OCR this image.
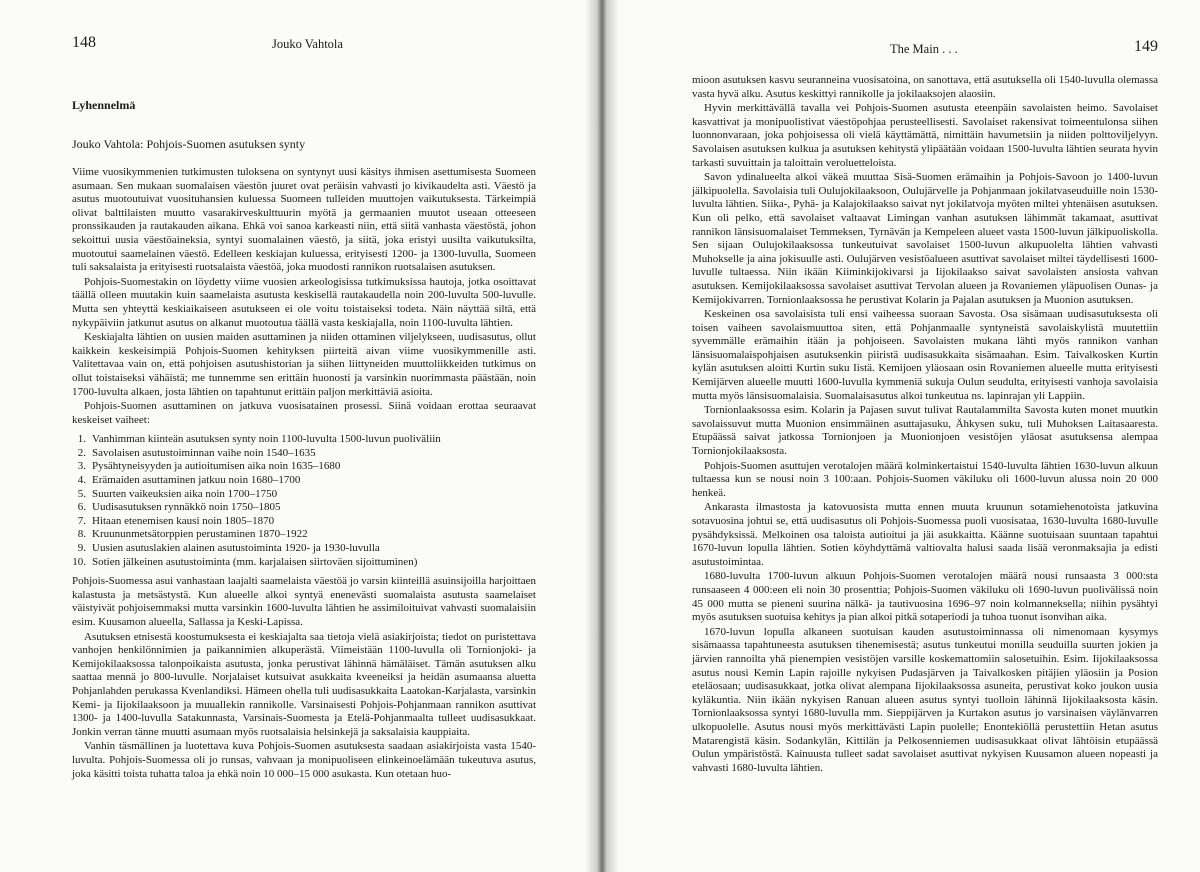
148	Jouko Vahtola
Lyhennelmä
Jouko Vahtola: Pohjois-Suomen asutuksen synty

Viime vuosikymmenien tutkimusten tuloksena on syntynyt uusi käsitys ihmisen asettumisesta Suomeen asumaan. Sen mukaan suomalaisen väestön juuret ovat peräisin vahvasti jo kivikaudelta asti. Väestö ja asutus muotoutuivat vuosituhansien kuluessa Suomeen tulleiden muuttojen vaikutuksesta. Tärkeimpiä olivat balttilaisten muutto vasarakirveskulttuurin myötä ja germaanien muutot useaan otteeseen pronssikauden ja rautakauden aikana. Ehkä voi sanoa karkeasti niin, että siitä vanhasta väestöstä, johon sekoittui uusia väestöaineksia, syntyi suomalainen väestö, ja siitä, joka eristyi uusilta vaikutuksilta, muotoutui saamelainen väestö. Edelleen keskiajan kuluessa, erityisesti 1200- ja 1300-luvulla, Suomeen tuli saksalaista ja erityisesti ruotsalaista väestöä, joka muodosti rannikon ruotsalaisen asutuksen.

Pohjois-Suomestakin on löydetty viime vuosien arkeologisissa tutkimuksissa hautoja, jotka osoittavat täällä olleen muutakin kuin saamelaista asutusta keskisellä rautakaudella noin 200-luvulta 500-luvulle. Mutta sen yhteyttä keskiaikaiseen asutukseen ei ole voitu toistaiseksi todeta. Näin näyttää siltä, että nykypäiviin jatkunut asutus on alkanut muotoutua täällä vasta keskiajalla, noin 1100-luvulta lähtien.

Keskiajalta lähtien on uusien maiden asuttaminen ja niiden ottaminen viljelykseen, uudisasutus, ollut kaikkein keskeisimpiä Pohjois-Suomen kehityksen piirteitä aivan viime vuosikymmenille asti. Valitettavaa vain on, että pohjoisen asutushistorian ja siihen liittyneiden muuttoliikkeiden tutkimus on ollut toistaiseksi vähäistä; me tunnemme sen erittäin huonosti ja varsinkin nuorimmasta päästään, noin 1700-luvulta alkaen, josta lähtien on tapahtunut erittäin paljon merkittäviä asioita.

Pohjois-Suomen asuttaminen on jatkuva vuosisatainen prosessi. Siinä voidaan erottaa seuraavat keskeiset vaiheet:

1. Vanhimman kiinteän asutuksen synty noin 1100-luvulta 1500-luvun puoliväliin
2. Savolaisen asutustoiminnan vaihe noin 1540–1635
3. Pysähtyneisyyden ja autioitumisen aika noin 1635–1680
4. Erämaiden asuttaminen jatkuu noin 1680–1700
5. Suurten vaikeuksien aika noin 1700–1750
6. Uudisasutuksen rynnäkkö noin 1750–1805
7. Hitaan etenemisen kausi noin 1805–1870
8. Kruununmetsätorppien perustaminen 1870–1922
9. Uusien asutuslakien alainen asutustoiminta 1920- ja 1930-luvulla
10. Sotien jälkeinen asutustoiminta (mm. karjalaisen siirtoväen sijoittuminen)

Pohjois-Suomessa asui vanhastaan laajalti saamelaista väestöä jo varsin kiinteillä asuinsijoilla harjoittaen kalastusta ja metsästystä. Kun alueelle alkoi syntyä enenevästi suomalaista asutusta saamelaiset väistyivät pohjoisemmaksi mutta varsinkin 1600-luvulta lähtien he assimiloituivat vahvasti suomalaisiin esim. Kuusamon alueella, Sallassa ja Keski-Lapissa.

Asutuksen etnisestä koostumuksesta ei keskiajalta saa tietoja vielä asiakirjoista; tiedot on puristettava vanhojen henkilönnimien ja paikannimien alkuperästä. Viimeistään 1100-luvulla oli Tornionjoki- ja Kemijokilaaksossa talonpoikaista asutusta, jonka perustivat lähinnä hämäläiset. Tämän asutuksen alku saattaa mennä jo 800-luvulle. Norjalaiset kutsuivat asukkaita kveeneiksi ja heidän asumaansa aluetta Pohjanlahden perukassa Kvenlandiksi. Hämeen ohella tuli uudisasukkaita Laatokan-Karjalasta, varsinkin Kemi- ja Iijokilaaksoon ja muuallekin rannikolle. Varsinaisesti Pohjois-Pohjanmaan rannikon asuttivat 1300- ja 1400-luvulla Satakunnasta, Varsinais-Suomesta ja Etelä-Pohjanmaalta tulleet uudisasukkaat. Jonkin verran tänne muutti asumaan myös ruotsalaisia helsinkejä ja saksalaisia kauppiaita.

Vanhin täsmällinen ja luotettava kuva Pohjois-Suomen asutuksesta saadaan asiakirjoista vasta 1540-luvulta. Pohjois-Suomessa oli jo runsas, vahvaan ja monipuoliseen elinkeinoelämään tukeutuva asutus, joka käsitti toista tuhatta taloa ja ehkä noin 10 000–15 000 asukasta. Kun otetaan huo-

The Main . . .	149

mioon asutuksen kasvu seuranneina vuosisatoina, on sanottava, että asutuksella oli 1540-luvulla olemassa vasta hyvä alku. Asutus keskittyi rannikolle ja jokilaaksojen alaosiin.

Hyvin merkittävällä tavalla vei Pohjois-Suomen asutusta eteenpäin savolaisten heimo. Savolaiset kasvattivat ja monipuolistivat väestöpohjaa perusteellisesti. Savolaiset rakensivat toimeentulonsa siihen luonnonvaraan, joka pohjoisessa oli vielä käyttämättä, nimittäin havumetsiin ja niiden polttoviljelyyn. Savolaisen asutuksen kulkua ja asutuksen kehitystä ylipäätään voidaan 1500-luvulta lähtien seurata hyvin tarkasti suvuittain ja taloittain veroluetteloista.

Savon ydinalueelta alkoi väkeä muuttaa Sisä-Suomen erämaihin ja Pohjois-Savoon jo 1400-luvun jälkipuolella. Savolaisia tuli Oulujokilaaksoon, Oulujärvelle ja Pohjanmaan jokilatvaseuduille noin 1530-luvulta lähtien. Siika-, Pyhä- ja Kalajokilaakso saivat nyt jokilatvoja myöten miltei yhtenäisen asutuksen. Kun oli pelko, että savolaiset valtaavat Limingan vanhan asutuksen lähimmät takamaat, asuttivat rannikon länsisuomalaiset Temmeksen, Tyrnävän ja Kempeleen alueet vasta 1500-luvun jälkipuoliskolla. Sen sijaan Oulujokilaaksossa tunkeutuivat savolaiset 1500-luvun alkupuolelta lähtien vahvasti Muhokselle ja aina jokisuulle asti. Oulujärven vesistöalueen asuttivat savolaiset miltei täydellisesti 1600-luvulle tultaessa. Niin ikään Kiiminkijokivarsi ja Iijokilaakso saivat savolaisten ansiosta vahvan asutuksen. Kemijokilaaksossa savolaiset asuttivat Tervolan alueen ja Rovaniemen yläpuolisen Ounas- ja Kemijokivarren. Tornionlaaksossa he perustivat Kolarin ja Pajalan asutuksen ja Muonion asutuksen.

Keskeinen osa savolaisista tuli ensi vaiheessa suoraan Savosta. Osa sisämaan uudisasutuksesta oli toisen vaiheen savolaismuuttoa siten, että Pohjanmaalle syntyneistä savolaiskylistä muutettiin syvemmälle erämaihin itään ja pohjoiseen. Savolaisten mukana lähti myös rannikon vanhan länsisuomalaispohjaisen asutuksenkin piiristä uudisasukkaita sisämaahan. Esim. Taivalkosken Kurtin kylän asutuksen aloitti Kurtin suku Iistä. Kemijoen yläosaan osin Rovaniemen alueelle mutta erityisesti Kemijärven alueelle muutti 1600-luvulla kymmeniä sukuja Oulun seudulta, erityisesti vanhoja savolaisia mutta myös länsisuomalaisia. Suomalaisasutus alkoi tunkeutua ns. lapinrajan yli Lappiin.

Tornionlaaksossa esim. Kolarin ja Pajasen suvut tulivat Rautalammilta Savosta kuten monet muutkin savolaissuvut mutta Muonion ensimmäinen asuttajasuku, Ähkysen suku, tuli Muhoksen Laitasaaresta. Etupäässä saivat jatkossa Tornionjoen ja Muonionjoen vesistöjen yläosat asutuksensa alempaa Tornionjokilaaksosta.

Pohjois-Suomen asuttujen verotalojen määrä kolminkertaistui 1540-luvulta lähtien 1630-luvun alkuun tultaessa kun se nousi noin 3 100:aan. Pohjois-Suomen väkiluku oli 1600-luvun alussa noin 20 000 henkeä.

Ankarasta ilmastosta ja katovuosista mutta ennen muuta kruunun sotamiehenotoista jatkuvina sotavuosina johtui se, että uudisasutus oli Pohjois-Suomessa puoli vuosisataa, 1630-luvulta 1680-luvulle pysähdyksissä. Melkoinen osa taloista autioitui ja jäi asukkaitta. Käänne suotuisaan suuntaan tapahtui 1670-luvun lopulla lähtien. Sotien köyhdyttämä valtiovalta halusi saada lisää veronmaksajia ja edisti asutustoimintaa.

1680-luvulta 1700-luvun alkuun Pohjois-Suomen verotalojen määrä nousi runsaasta 3 000:sta runsaaseen 4 000:een eli noin 30 prosenttia; Pohjois-Suomen väkiluku oli 1690-luvun puolivälissä noin 45 000 mutta se pieneni suurina nälkä- ja tautivuosina 1696–97 noin kolmanneksella; niihin pysähtyi myös asutuksen suotuisa kehitys ja pian alkoi pitkä sotaperiodi ja tuhoa tuonut isonvihan aika.

1670-luvun lopulla alkaneen suotuisan kauden asutustoiminnassa oli nimenomaan kysymys sisämaassa tapahtuneesta asutuksen tihenemisestä; asutus tunkeutui monilla seuduilla suurten jokien ja järvien rannoilta yhä pienempien vesistöjen varsille koskemattomiin salosetuihin. Esim. Iijokilaaksossa asutus nousi Kemin Lapin rajoille nykyisen Pudasjärven ja Taivalkosken pitäjien yläosiin ja Posion eteläosaan; uudisasukkaat, jotka olivat alempana Iijokilaaksossa asuneita, perustivat koko joukon uusia kyläkuntia. Niin ikään nykyisen Ranuan alueen asutus syntyi tuolloin lähinnä Iijokilaaksosta käsin. Tornionlaaksossa syntyi 1680-luvulla mm. Sieppijärven ja Kurtakon asutus jo varsinaisen väylänvarren ulkopuolelle. Asutus nousi myös merkittävästi Lapin puolelle; Enontekiöllä perustettiin Hetan asutus Matarengistä käsin. Sodankylän, Kittilän ja Pelkosenniemen uudisasukkaat olivat lähtöisin etupäässä Oulun ympäristöstä. Kainuusta tulleet sadat savolaiset asuttivat nykyisen Kuusamon alueen nopeasti ja vahvasti 1680-luvulta lähtien.
